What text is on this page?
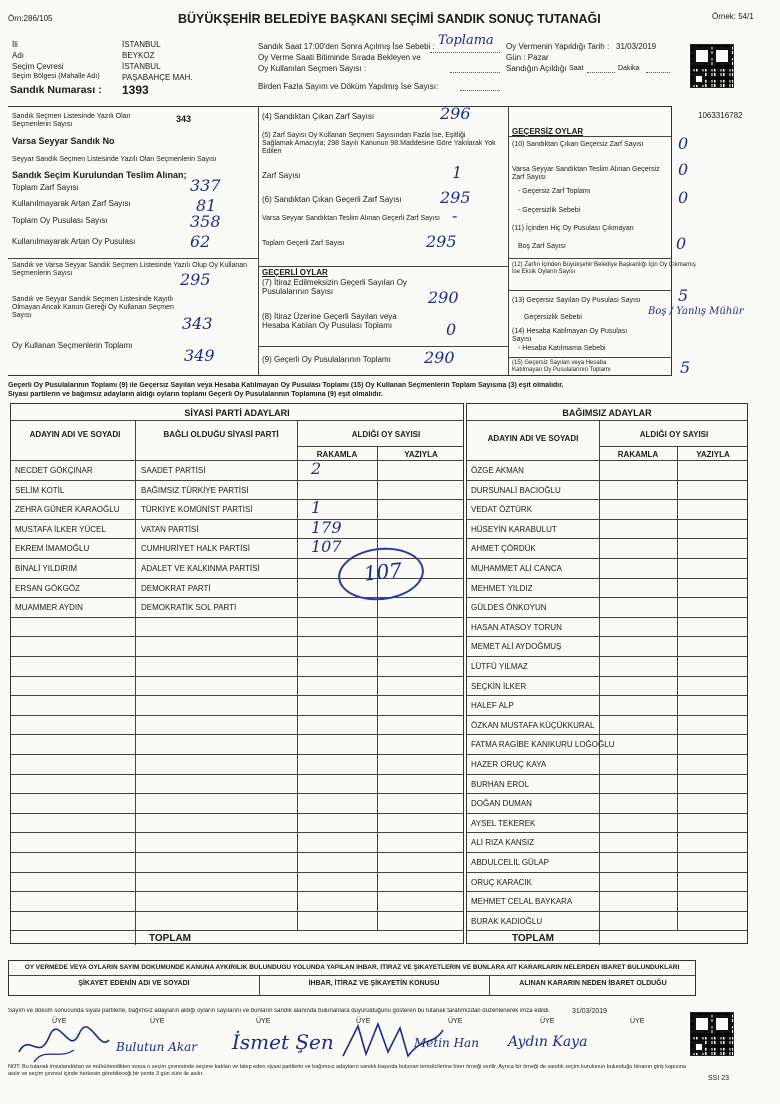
Örn:286/105	BÜYÜKŞEHİR BELEDİYE BAŞKANI SEÇİMİ SANDIK SONUÇ TUTANAĞI	Örnek: 54/1
1063316782
İli	İSTANBUL
Adı	BEYKOZ
Seçim Çevresi	İSTANBUL
Seçim Bölgesi (Mahalle Adı)	PAŞABAHÇE MAH.
Sandık Numarası : 1393
Sandık Saat 17:00'den Sonra Açılmış İse Sebebi : Toplama
Oy Verme Saati Bitiminde Sırada Bekleyen ve
Oy Kullanılan Seçmen Sayısı :
Birden Fazla Sayım ve Döküm Yapılmış İse Sayısı:
Oy Vermenin Yapıldığı Tarih : 31/03/2019
Gün : Pazar
Sandığın Açıldığı Saat	Dakika
Sandık Seçmen Listesinde Yazılı Olan Seçmenlerin Sayısı
343
Varsa Seyyar Sandık No
Seyyar Sandık Seçmen Listesinde Yazılı Olan Seçmenlerin Sayısı
Sandık Seçim Kurulundan Teslim Alınan;
Toplam Zarf Sayısı	337
Kullanılmayarak Artan Zarf Sayısı	81
Toplam Oy Pusulası Sayısı	358
Kullanılmayarak Artan Oy Pusulası	62
Sandık ve Varsa Seyyar Sandık Seçmen Listesinde Yazılı Olup Oy Kullanan Seçmenlerin Sayısı	295
Sandık ve Seyyar Sandık Seçmen Listesinde Kayıtlı Olmayan Ancak Kanun Gereği Oy Kullanan Seçmen Sayısı	343
Oy Kullanan Seçmenlerin Toplamı
349
(4) Sandıktan Çıkan Zarf Sayısı	296
(5) Zarf Sayısı Oy Kullanan Seçmen Sayısından Fazla İse, Eşitliği Sağlamak Amacıyla; 298 Sayılı Kanunun 98.Maddesine Göre Yakılarak Yok Edilen
Zarf Sayısı	1
(6) Sandıktan Çıkan Geçerli Zarf Sayısı 295
Varsa Seyyar Sandıktan Teslim Alınan Geçerli Zarf Sayısı -
Toplam Geçerli Zarf Sayısı	295
GEÇERLİ OYLAR
(7) İtiraz Edilmeksizin Geçerli Sayılan Oy Pusulalarının Sayısı	290
(8) İtiraz Üzerine Geçerli Sayılan veya Hesaba Katılan Oy Pusulası Toplamı	0
(9) Geçerli Oy Pusulalarının Toplamı 290
GEÇERSİZ OYLAR
(10) Sandıktan Çıkan Geçersiz Zarf Sayısı 0
Varsa Seyyar Sandıktan Teslim Alınan Geçersiz Zarf Sayısı	0
- Geçersiz Zarf Toplamı	0
- Geçersizlik Sebebi
(11) İçinden Hiç Oy Pusulası Çıkmayan
Boş Zarf Sayısı	0
(12) Zarfın İçinden Büyükşehir Belediye Başkanlığı İçin Oy Çıkmamış İse Eksik Oyların Sayısı
(13) Geçersiz Sayılan Oy Pusulası Sayısı 5
Geçersizlik Sebebi
Boş / Yanlış Mühür
(14) Hesaba Katılmayan Oy Pusulası Sayısı
- Hesaba Katılmama Sebebi
(15) Geçersiz Sayılan veya Hesaba Katılmayan Oy Pusulalarının Toplamı	5
Geçerli Oy Pusulalarının Toplamı (9) ile Geçersiz Sayılan veya Hesaba Katılmayan Oy Pusulası Toplamı (15) Oy Kullanan Seçmenlerin Toplam Sayısına (3) eşit olmalıdır.
Siyasi partilerin ve bağımsız adayların aldığı oyların toplamı Geçerli Oy Pusulalarının Toplamına (9) eşit olmalıdır.
SİYASİ PARTİ ADAYLARI
ADAYIN ADI VE SOYADI	BAĞLI OLDUĞU SİYASİ PARTİ	ALDIĞI OY SAYISI
RAKAMLA	YAZIYLA
NECDET GÖKÇINAR	SAADET PARTİSİ	2
SELİM KOTİL	BAĞIMSIZ TÜRKİYE PARTİSİ
ZEHRA GÜNER KARAOĞLU	TÜRKİYE KOMÜNİST PARTİSİ	1
MUSTAFA İLKER YÜCEL	VATAN PARTİSİ	179
EKREM İMAMOĞLU	CUMHURİYET HALK PARTİSİ	107
BİNALİ YILDIRIM	ADALET VE KALKINMA PARTİSİ
ERSAN GÖKGÖZ	DEMOKRAT PARTİ
MUAMMER AYDIN	DEMOKRATİK SOL PARTİ
TOPLAM
107
BAĞIMSIZ ADAYLAR
ADAYIN ADI VE SOYADI	ALDIĞI OY SAYISI
RAKAMLA	YAZIYLA
ÖZGE AKMAN
DURSUNALİ BACIOĞLU
VEDAT ÖZTÜRK
HÜSEYİN KARABULUT
AHMET ÇÖRDÜK
MUHAMMET ALİ CANCA
MEHMET YILDIZ
GÜLDES ÖNKOYUN
HASAN ATASOY TORUN
MEMET ALİ AYDOĞMUŞ
LÜTFÜ YILMAZ
SEÇKİN İLKER
HALEF ALP
ÖZKAN MUSTAFA KÜÇÜKKURAL
FATMA RAGİBE KANIKURU LOĞOĞLU
HAZER ORUÇ KAYA
BURHAN EROL
DOĞAN DUMAN
AYSEL TEKEREK
ALİ RIZA KANSIZ
ABDULCELİL GÜLAP
ORUÇ KARACIK
MEHMET CELAL BAYKARA
BURAK KADIOĞLU
TOPLAM
OY VERMEDE VEYA OYLARIN SAYIM DÖKÜMÜNDE KANUNA AYKIRILIK BULUNDUĞU YOLUNDA YAPILAN İHBAR, İTİRAZ VE ŞİKAYETLERİN VE BUNLARA AİT KARARLARIN NELERDEN İBARET BULUNDUKLARI
ŞİKAYET EDENİN ADI VE SOYADI	İHBAR, İTİRAZ VE ŞİKAYETİN KONUSU	ALINAN KARARIN NEDEN İBARET OLDUĞU
Sayım ve döküm sonucunda siyasi partilerle, bağımsız adayların aldığı oyların sayılarını ve bunların sandık alanında bulunanlara duyurulduğunu gösteren bu tutanak tarafımızdan düzenlenerek imza edildi.	31/03/2019
SSI 23
ÜYE	ÜYE	ÜYE	ÜYE	ÜYE	ÜYE	ÜYE
Bulutun Akar İsmet Şen	Metin Han Aydın Kaya
NOT: Bu tutanak imzalandıktan ve mühürlendikten sonra o seçim çevresinde seçime katılan ve talep eden siyasi partilerin ve bağımsız adayların sandık başında bulunan temsilcilerine birer örneği verilir. Ayrıca bir örneği de sandık seçim kurulunun bulunduğu binanın giriş kapısına asılır ve seçim çevresi içinde herkesin görebileceği bir yerde 3 gün süre ile asılır.
